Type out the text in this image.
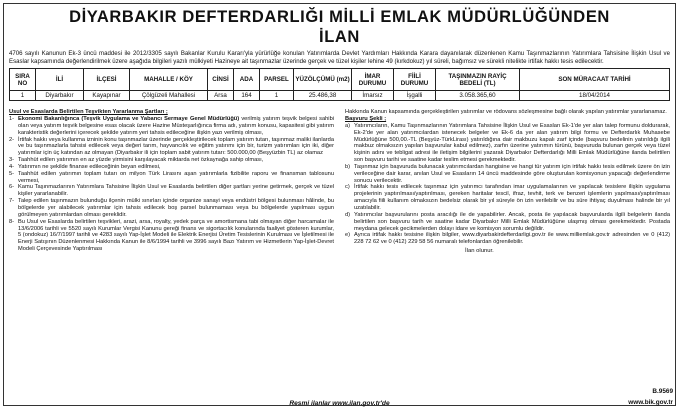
DİYARBAKIR DEFTERDARLIĞI MİLLİ EMLAK MÜDÜRLÜĞÜNDEN
İLAN
4706 sayılı Kanunun Ek-3 üncü maddesi ile 2012/3305 sayılı Bakanlar Kurulu Kararı'yla yürürlüğe konulan Yatırımlarda Devlet Yardımları Hakkında Karara dayanılarak düzenlenen Kamu Taşınmazlarının Yatırımlara Tahsisine İlişkin Usul ve Esaslar kapsamında değerlendirilmek üzere aşağıda bilgileri yazılı mülkiyeti Hazineye ait taşınmazlar üzerinde gerçek ve tüzel kişiler lehine 49 (kırkdokuz) yıl süreli, bağımsız ve sürekli nitelikte irtifak hakkı tesis edilecektir.
SIRA NO	İLİ	İLÇESİ	MAHALLE / KÖY	CİNSİ	ADA	PARSEL	YÜZÖLÇÜMÜ (m2)	İMAR DURUMU	FİİLİ DURUMU	TAŞINMAZIN RAYİÇ BEDELİ (TL)	SON MÜRACAAT TARİHİ
1	Diyarbakır	Kayapınar	Çölgüzeli Mahallesi	Arsa	164	1	25.486,38	İmarsız	İşgalli	3.058.365,60	18/04/2014
Usul ve Esaslarda Belirtilen Teşvikten Yararlanma Şartları ;
1- Ekonomi Bakanlığınca (Teşvik Uygulama ve Yabancı Sermaye Genel Müdürlüğü) verilmiş yatırım teşvik belgesi sahibi olan veya yatırım teşvik belgesine esas olacak üzere Hazine Müsteşarlığınca firma adı, yatırım konusu, kapasitesi gibi yatırım karakteristik değerlerini içerecek şekilde yatırım yeri tahsis edileceğine ilişkin yazı verilmiş olması,
2- İrtifak hakkı veya kullanma izninin konu taşınmazlar üzerinde gerçekleştirilecek toplam yatırım tutarı, taşınmaz maliki ilanlarda ve bu taşınmazlarla tahsisi edilecek veya değeri tarım, hayvancılık ve eğitim yatırımı için bir, turizm yatırımları için iki, diğer yatırımlar için üç katından az olmayan (Diyarbakır ili için toplam sabit yatırım tutarı: 500.000,00 (Beşyüzbin TL) az olamaz
3- Taahhüt edilen yatırımın en az yüzde yirmisini karşılayacak miktarda net özkaynağa sahip olması,
4- Yatırımın ne şekilde finanse edileceğinin beyan edilmesi,
5- Taahhüt edilen yatırımın toplam tutarı on milyon Türk Lirasını aşan yatırımlarla fizibilite raporu ve finansman tablosunu vermesi,
6- Kamu Taşınmazlarının Yatırımlara Tahsisine İlişkin Usul ve Esaslarda belirtilen diğer şartları yerine getirmek, gerçek ve tüzel kişiler yararlanabilir.
7- Talep edilen taşınmazın bulunduğu ilçenin mülki sınırları içinde organize sanayi veya endüstri bölgesi bulunması hâlinde, bu bölgelerde yer alabilecek yatırımlar için tahsis edilecek boş parsel bulunmaması veya bu bölgelerde yapılması uygun görülmeyen yatırımlardan olması gereklidir.
8- Bu Usul ve Esaslarda belirtilen teşvikleri, arazi, arsa, royalty, yedek parça ve amortismana tabi olmayan diğer harcamalar ile 13/6/2006 tarihli ve 5520 sayılı Kurumlar Vergisi Kanunu gereği finans ve sigortacılık konularında faaliyet gösteren kurumlar, 5 (ondokuz) 16/7/1997 tarihli ve 4283 sayılı Yap-İşlet Modeli ile Elektrik Enerjisi Üretim Tesislerinin Kurulması ve İşletilmesi ile Enerji Satışının Düzenlenmesi Hakkında Kanun ile 8/6/1994 tarihli ve 3996 sayılı Bazı Yatırım ve Hizmetlerin Yap-İşlet-Devret Modeli Çerçevesinde Yaptırılması
Hakkında Kanun kapsamında gerçekleştirilen yatırımlar ve rödovans sözleşmesine bağlı olarak yapılan yatırımlar yararlanamaz.
Başvuru Şekli ;
a) Yatırımcıların, Kamu Taşınmazlarının Yatırımlara Tahsisine İlişkin Usul ve Esasları Ek-1'de yer alan talep formunu doldurarak, Ek-2'de yer alan yatırımcılardan istenecek belgeler ve Ek-6 da yer alan yatırım bilgi formu ve Defterdarlık Muhasebe Müdürlüğüne 500,00.-TL (Beşyüz-TürkLirası) yatırıldığına dair makbuzu kapalı zarf içinde (başvuru bedelinin yatırıldığı ilgili makbuz olmaksızın yapılan başvurular kabul edilmez), zarfın üzerine yatırımın türünü, başvuruda bulunan gerçek veya tüzel kişinin adını ve tebligat adresi ile iletişim bilgilerini yazarak Diyarbakır Defterdarlığı Milli Emlak Müdürlüğüne ilanda belirtilen son başvuru tarihi ve saatine kadar teslim etmesi gerekmektedir.
b) Taşınmaz için başvuruda bulunacak yatırımcılardan hangisine ve hangi tür yatırım için irtifak hakkı tesis edilmek üzere ön izin verileceğine dair karar, anılan Usul ve Esasların 14 üncü maddesinde göre oluşturulan komisyonun yapacağı değerlendirme sonucu verilecektir.
c) İrtifak hakkı tesis edilecek taşınmaz için yatırımcı tarafından imar uygulamalarının ve yapılacak tesislere ilişkin uygulama projelerinin yaptırılması/yaptırılması, gereken haritalar tescil, ifraz, tevhit, terk ve benzeri işlemlerin yapılması/yaptırılması amacıyla fiili kullanım olmaksızın bedelsiz olarak bir yıl süreyle ön izin verilebilir ve bu süre ihtiyaç duyulması halinde bir yıl uzatılabilir.
d) Yatırımcılar başvurularını posta aracılığı ile de yapabilirler. Ancak, posta ile yapılacak başvurularda ilgili belgelerin ilanda belirtilen son başvuru tarih ve saatine kadar Diyarbakır Milli Emlak Müdürlüğüne ulaşmış olması gerekmektedir. Postada meydana gelecek gecikmelerden dolayı idare ve komisyon sorumlu değildir.
e) Ayrıca irtifak hakkı tesisine ilişkin bilgiler, www.diyarbakirdefterdarligi.gov.tr ile www.milliemlak.gov.tr adresinden ve 0 (412) 228 72 62 ve 0 (412) 229 58 56 numaralı telefonlardan öğrenilebilir.
İlan olunur.
B.9569
www.bik.gov.tr
Resmi ilanlar www.ilan.gov.tr'de
